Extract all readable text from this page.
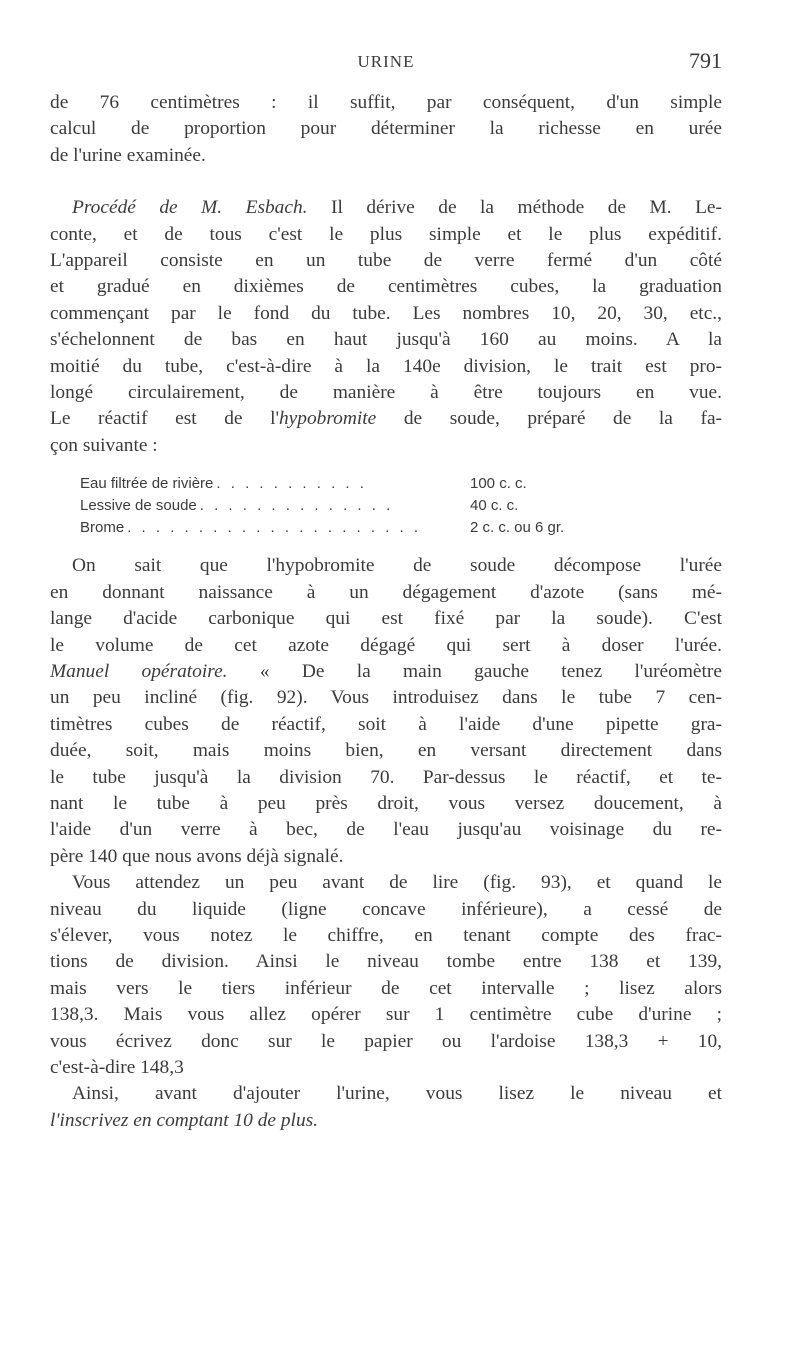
URINE	791
de 76 centimètres : il suffit, par conséquent, d'un simple
calcul de proportion pour déterminer la richesse en urée
de l'urine examinée.
Procédé de M. Esbach. Il dérive de la méthode de M. Le-
conte, et de tous c'est le plus simple et le plus expéditif.
L'appareil consiste en un tube de verre fermé d'un côté
et gradué en dixièmes de centimètres cubes, la graduation
commençant par le fond du tube. Les nombres 10, 20, 30, etc.,
s'échelonnent de bas en haut jusqu'à 160 au moins. A la
moitié du tube, c'est-à-dire à la 140e division, le trait est pro-
longé circulairement, de manière à être toujours en vue.
Le réactif est de l'hypobromite de soude, préparé de la fa-
çon suivante :
Eau filtrée de rivière . . . . . . . . . . .	100 c. c.
Lessive de soude . . . . . . . . . . . . . .	40 c. c.
Brome . . . . . . . . . . . . . . . . . . . . .	2 c. c. ou 6 gr.
On sait que l'hypobromite de soude décompose l'urée
en donnant naissance à un dégagement d'azote (sans mé-
lange d'acide carbonique qui est fixé par la soude). C'est
le volume de cet azote dégagé qui sert à doser l'urée.
Manuel opératoire. « De la main gauche tenez l'uréomètre
un peu incliné (fig. 92). Vous introduisez dans le tube 7 cen-
timètres cubes de réactif, soit à l'aide d'une pipette gra-
duée, soit, mais moins bien, en versant directement dans
le tube jusqu'à la division 70. Par-dessus le réactif, et te-
nant le tube à peu près droit, vous versez doucement, à
l'aide d'un verre à bec, de l'eau jusqu'au voisinage du re-
père 140 que nous avons déjà signalé.
Vous attendez un peu avant de lire (fig. 93), et quand le
niveau du liquide (ligne concave inférieure), a cessé de
s'élever, vous notez le chiffre, en tenant compte des frac-
tions de division. Ainsi le niveau tombe entre 138 et 139,
mais vers le tiers inférieur de cet intervalle ; lisez alors
138,3. Mais vous allez opérer sur 1 centimètre cube d'urine ;
vous écrivez donc sur le papier ou l'ardoise 138,3 + 10,
c'est-à-dire 148,3
Ainsi, avant d'ajouter l'urine, vous lisez le niveau et
l'inscrivez en comptant 10 de plus.
